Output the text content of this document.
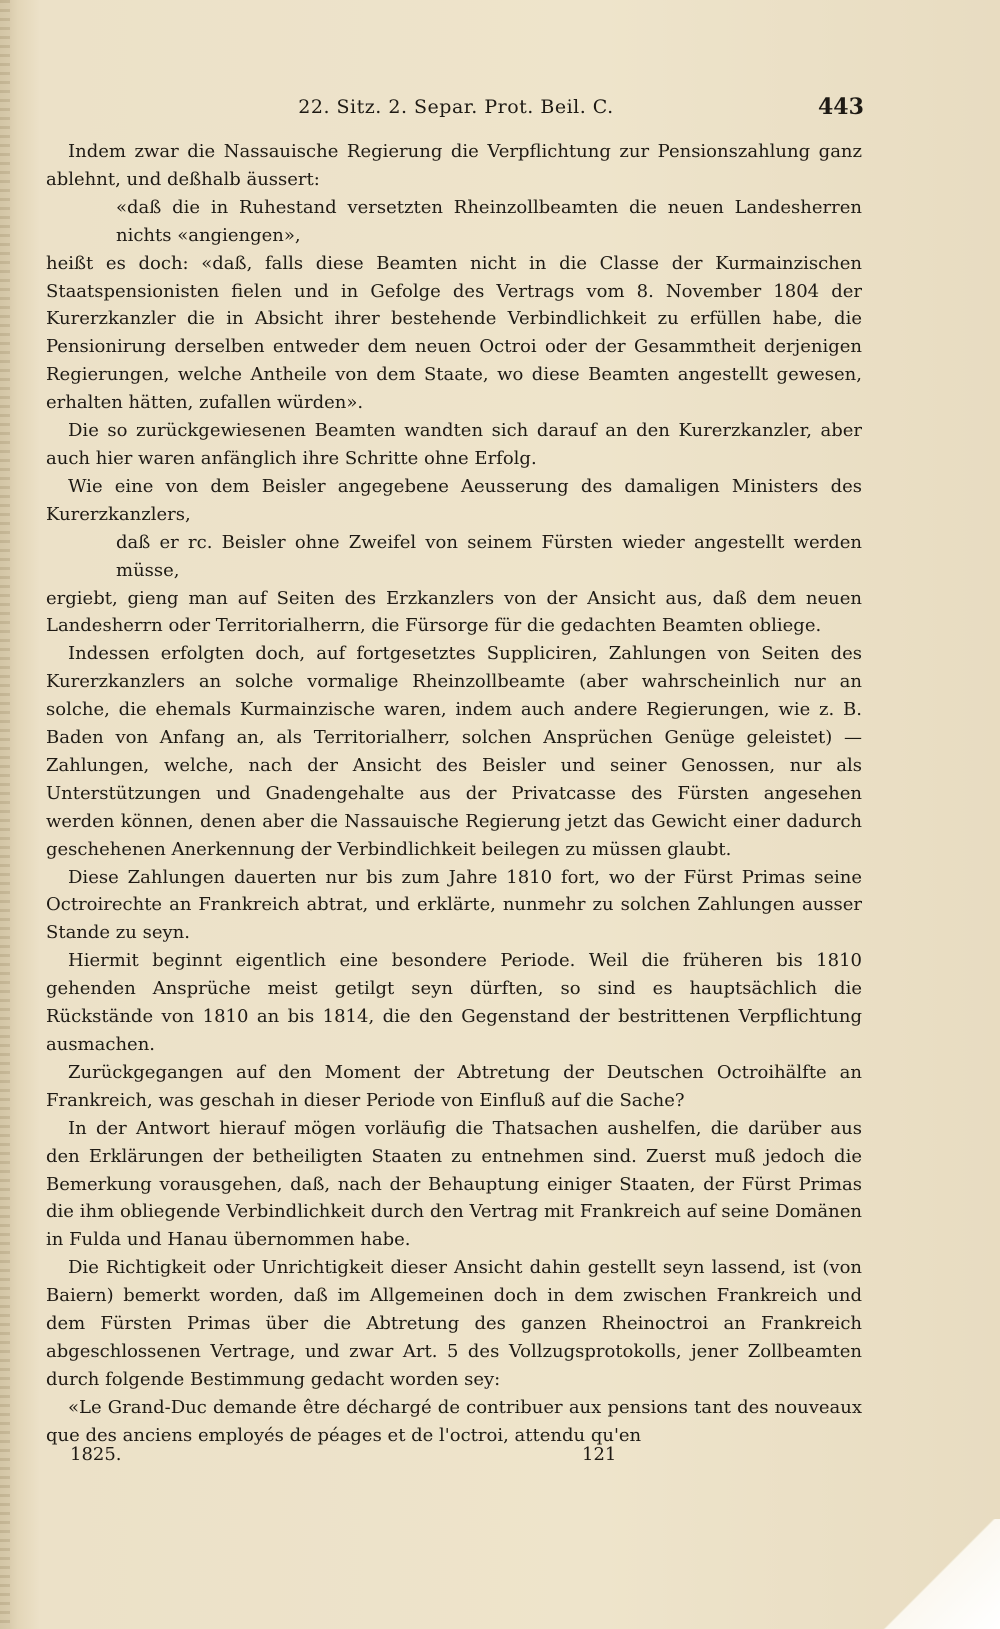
22. Sitz. 2. Separ. Prot. Beil. C.	443

Indem zwar die Nassauische Regierung die Verpflichtung zur Pensionszahlung ganz ablehnt, und deßhalb äussert:

«daß die in Ruhestand versetzten Rheinzollbeamten die neuen Landesherren nichts «angiengen»,

heißt es doch: «daß, falls diese Beamten nicht in die Classe der Kurmainzischen Staatspensionisten fielen und in Gefolge des Vertrags vom 8. November 1804 der Kurerzkanzler die in Absicht ihrer bestehende Verbindlichkeit zu erfüllen habe, die Pensionirung derselben entweder dem neuen Octroi oder der Gesammtheit derjenigen Regierungen, welche Antheile von dem Staate, wo diese Beamten angestellt gewesen, erhalten hätten, zufallen würden».

Die so zurückgewiesenen Beamten wandten sich darauf an den Kurerzkanzler, aber auch hier waren anfänglich ihre Schritte ohne Erfolg.

Wie eine von dem Beisler angegebene Aeusserung des damaligen Ministers des Kurerzkanzlers,

daß er rc. Beisler ohne Zweifel von seinem Fürsten wieder angestellt werden müsse,

ergiebt, gieng man auf Seiten des Erzkanzlers von der Ansicht aus, daß dem neuen Landesherrn oder Territorialherrn, die Fürsorge für die gedachten Beamten obliege.

Indessen erfolgten doch, auf fortgesetztes Suppliciren, Zahlungen von Seiten des Kurerzkanzlers an solche vormalige Rheinzollbeamte (aber wahrscheinlich nur an solche, die ehemals Kurmainzische waren, indem auch andere Regierungen, wie z. B. Baden von Anfang an, als Territorialherr, solchen Ansprüchen Genüge geleistet) — Zahlungen, welche, nach der Ansicht des Beisler und seiner Genossen, nur als Unterstützungen und Gnadengehalte aus der Privatcasse des Fürsten angesehen werden können, denen aber die Nassauische Regierung jetzt das Gewicht einer dadurch geschehenen Anerkennung der Verbindlichkeit beilegen zu müssen glaubt.

Diese Zahlungen dauerten nur bis zum Jahre 1810 fort, wo der Fürst Primas seine Octroirechte an Frankreich abtrat, und erklärte, nunmehr zu solchen Zahlungen ausser Stande zu seyn.

Hiermit beginnt eigentlich eine besondere Periode. Weil die früheren bis 1810 gehenden Ansprüche meist getilgt seyn dürften, so sind es hauptsächlich die Rückstände von 1810 an bis 1814, die den Gegenstand der bestrittenen Verpflichtung ausmachen.

Zurückgegangen auf den Moment der Abtretung der Deutschen Octroihälfte an Frankreich, was geschah in dieser Periode von Einfluß auf die Sache?

In der Antwort hierauf mögen vorläufig die Thatsachen aushelfen, die darüber aus den Erklärungen der betheiligten Staaten zu entnehmen sind. Zuerst muß jedoch die Bemerkung vorausgehen, daß, nach der Behauptung einiger Staaten, der Fürst Primas die ihm obliegende Verbindlichkeit durch den Vertrag mit Frankreich auf seine Domänen in Fulda und Hanau übernommen habe.

Die Richtigkeit oder Unrichtigkeit dieser Ansicht dahin gestellt seyn lassend, ist (von Baiern) bemerkt worden, daß im Allgemeinen doch in dem zwischen Frankreich und dem Fürsten Primas über die Abtretung des ganzen Rheinoctroi an Frankreich abgeschlossenen Vertrage, und zwar Art. 5 des Vollzugsprotokolls, jener Zollbeamten durch folgende Bestimmung gedacht worden sey:

«Le Grand-Duc demande être déchargé de contribuer aux pensions tant des nouveaux que des anciens employés de péages et de l'octroi, attendu qu'en

1825.	121
